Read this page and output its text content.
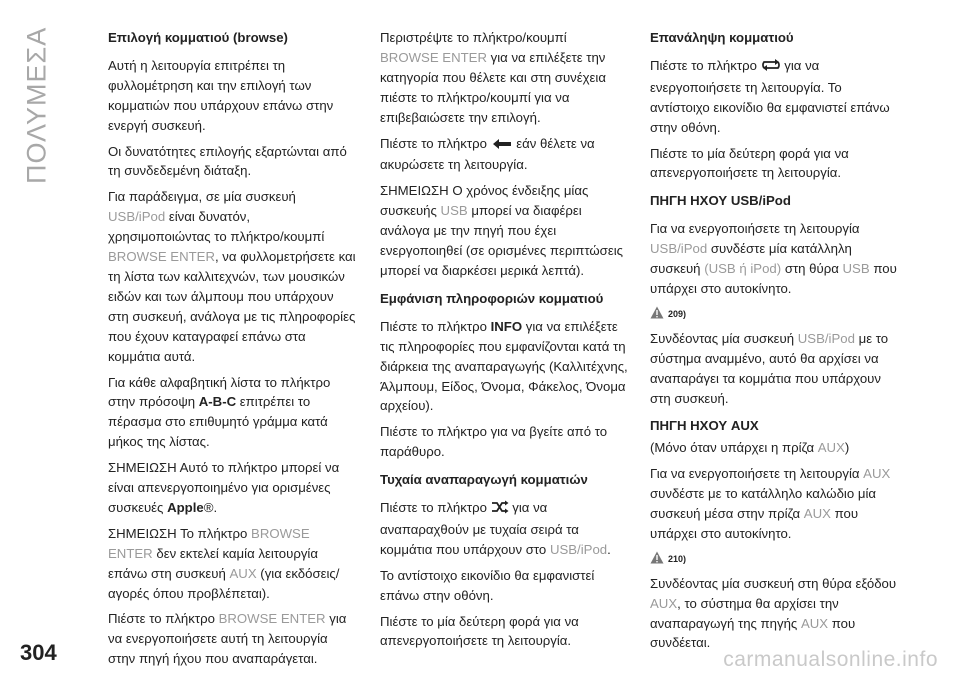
ΠΟΛΥΜΕΣΑ
304	carmanualsonline.info
Επιλογή κομματιού (browse)

Αυτή η λειτουργία επιτρέπει τη φυλλομέτρηση και την επιλογή των κομματιών που υπάρχουν επάνω στην ενεργή συσκευή.

Οι δυνατότητες επιλογής εξαρτώνται από τη συνδεδεμένη διάταξη.

Για παράδειγμα, σε μία συσκευή USB/iPod είναι δυνατόν, χρησιμοποιώντας το πλήκτρο/κουμπί BROWSE ENTER, να φυλλομετρήσετε και τη λίστα των καλλιτεχνών, των μουσικών ειδών και των άλμπουμ που υπάρχουν στη συσκευή, ανάλογα με τις πληροφορίες που έχουν καταγραφεί επάνω στα κομμάτια αυτά.

Για κάθε αλφαβητική λίστα το πλήκτρο στην πρόσοψη A-B-C επιτρέπει το πέρασμα στο επιθυμητό γράμμα κατά μήκος της λίστας.

ΣΗΜΕΙΩΣΗ Αυτό το πλήκτρο μπορεί να είναι απενεργοποιημένο για ορισμένες συσκευές Apple®.

ΣΗΜΕΙΩΣΗ Το πλήκτρο BROWSE ENTER δεν εκτελεί καμία λειτουργία επάνω στη συσκευή AUX (για εκδόσεις/αγορές όπου προβλέπεται).

Πιέστε το πλήκτρο BROWSE ENTER για να ενεργοποιήσετε αυτή τη λειτουργία στην πηγή ήχου που αναπαράγεται.

Περιστρέψτε το πλήκτρο/κουμπί BROWSE ENTER για να επιλέξετε την κατηγορία που θέλετε και στη συνέχεια πιέστε το πλήκτρο/κουμπί για να επιβεβαιώσετε την επιλογή.

Πιέστε το πλήκτρο εάν θέλετε να ακυρώσετε τη λειτουργία.

ΣΗΜΕΙΩΣΗ Ο χρόνος ένδειξης μίας συσκευής USB μπορεί να διαφέρει ανάλογα με την πηγή που έχει ενεργοποιηθεί (σε ορισμένες περιπτώσεις μπορεί να διαρκέσει μερικά λεπτά).

Εμφάνιση πληροφοριών κομματιού

Πιέστε το πλήκτρο INFO για να επιλέξετε τις πληροφορίες που εμφανίζονται κατά τη διάρκεια της αναπαραγωγής (Καλλιτέχνης, Άλμπουμ, Είδος, Όνομα, Φάκελος, Όνομα αρχείου).

Πιέστε το πλήκτρο για να βγείτε από το παράθυρο.

Τυχαία αναπαραγωγή κομματιών

Πιέστε το πλήκτρο για να αναπαραχθούν με τυχαία σειρά τα κομμάτια που υπάρχουν στο USB/iPod.

Το αντίστοιχο εικονίδιο θα εμφανιστεί επάνω στην οθόνη.

Πιέστε το μία δεύτερη φορά για να απενεργοποιήσετε τη λειτουργία.

Επανάληψη κομματιού

Πιέστε το πλήκτρο για να ενεργοποιήσετε τη λειτουργία. Το αντίστοιχο εικονίδιο θα εμφανιστεί επάνω στην οθόνη.

Πιέστε το μία δεύτερη φορά για να απενεργοποιήσετε τη λειτουργία.

ΠΗΓΗ ΗΧΟΥ USB/iPod

Για να ενεργοποιήσετε τη λειτουργία USB/iPod συνδέστε μία κατάλληλη συσκευή (USB ή iPod) στη θύρα USB που υπάρχει στο αυτοκίνητο.

209)

Συνδέοντας μία συσκευή USB/iPod με το σύστημα αναμμένο, αυτό θα αρχίσει να αναπαράγει τα κομμάτια που υπάρχουν στη συσκευή.

ΠΗΓΗ ΗΧΟΥ AUX

(Μόνο όταν υπάρχει η πρίζα AUX)

Για να ενεργοποιήσετε τη λειτουργία AUX συνδέστε με το κατάλληλο καλώδιο μία συσκευή μέσα στην πρίζα AUX που υπάρχει στο αυτοκίνητο.

210)

Συνδέοντας μία συσκευή στη θύρα εξόδου AUX, το σύστημα θα αρχίσει την αναπαραγωγή της πηγής AUX που συνδέεται.
